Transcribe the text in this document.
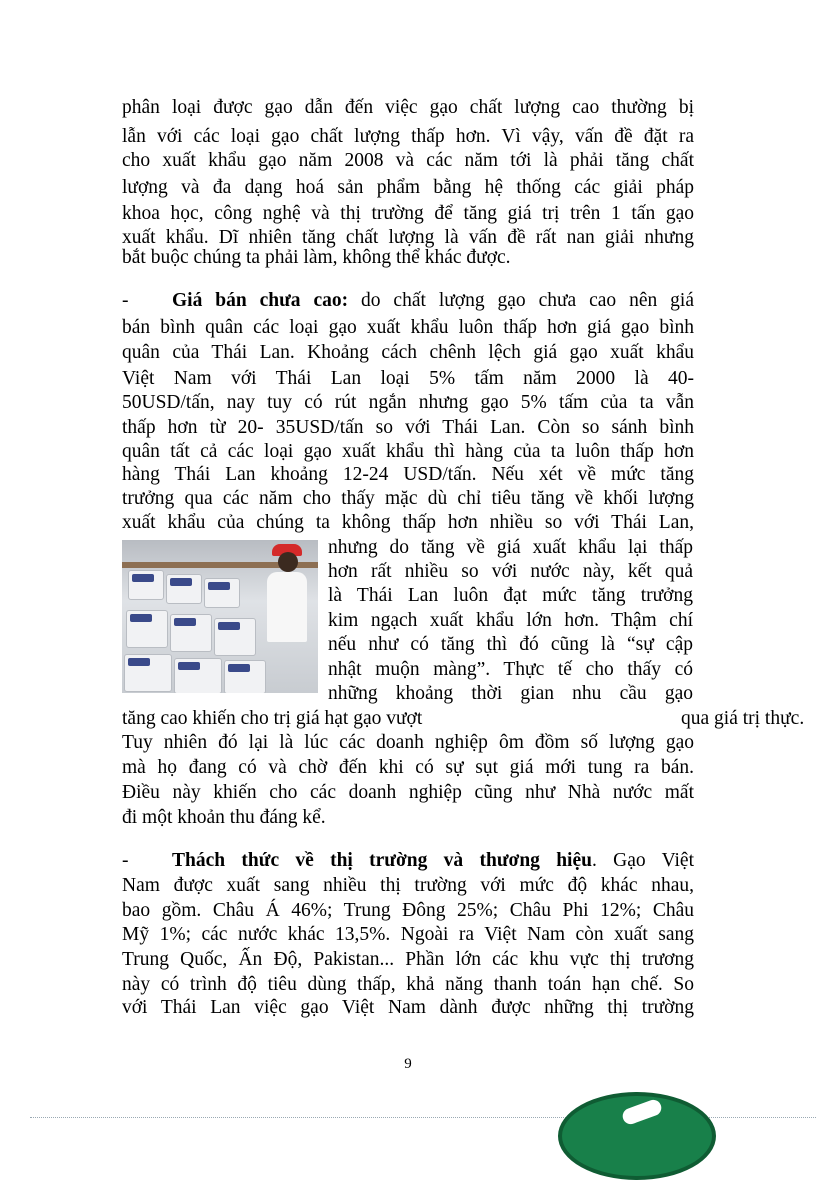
phân loại được gạo dẫn đến việc gạo chất lượng cao thường bị
lẫn với các loại gạo chất lượng thấp hơn. Vì vậy, vấn đề đặt ra
cho xuất khẩu gạo năm 2008 và các năm tới là phải tăng chất
lượng và đa dạng hoá sản phẩm bằng hệ thống các giải pháp
khoa học, công nghệ và thị trường để tăng giá trị trên 1 tấn gạo
xuất khẩu. Dĩ nhiên tăng chất lượng là vấn đề rất nan giải nhưng
bắt buộc chúng ta phải làm, không thể khác được.
- Giá bán chưa cao: do chất lượng gạo chưa cao nên giá
bán bình quân các loại gạo xuất khẩu luôn thấp hơn giá gạo bình
quân của Thái Lan. Khoảng cách chênh lệch giá gạo xuất khẩu
Việt Nam với Thái Lan loại 5% tấm năm 2000 là 40-
50USD/tấn, nay tuy có rút ngắn nhưng gạo 5% tấm của ta vẫn
thấp hơn từ 20- 35USD/tấn so với Thái Lan. Còn so sánh bình
quân tất cả các loại gạo xuất khẩu thì hàng của ta luôn thấp hơn
hàng Thái Lan khoảng 12-24 USD/tấn. Nếu xét về mức tăng
trưởng qua các năm cho thấy mặc dù chỉ tiêu tăng về khối lượng
xuất khẩu của chúng ta không thấp hơn nhiều so với Thái Lan,
nhưng do tăng về giá xuất khẩu lại thấp
hơn rất nhiều so với nước này, kết quả
là Thái Lan luôn đạt mức tăng trưởng
kim ngạch xuất khẩu lớn hơn. Thậm chí
nếu như có tăng thì đó cũng là “sự cập
nhật muộn màng”. Thực tế cho thấy có
những khoảng thời gian nhu cầu gạo
tăng cao khiến cho trị giá hạt gạo vượt	qua giá trị thực.
Tuy nhiên đó lại là lúc các doanh nghiệp ôm đồm số lượng gạo
mà họ đang có và chờ đến khi có sự sụt giá mới tung ra bán.
Điều này khiến cho các doanh nghiệp cũng như Nhà nước mất
đi một khoản thu đáng kể.
- Thách thức về thị trường và thương hiệu. Gạo Việt
Nam được xuất sang nhiều thị trường với mức độ khác nhau,
bao gồm. Châu Á 46%; Trung Đông 25%; Châu Phi 12%; Châu
Mỹ 1%; các nước khác 13,5%. Ngoài ra Việt Nam còn xuất sang
Trung Quốc, Ấn Độ, Pakistan... Phần lớn các khu vực thị trương
này có trình độ tiêu dùng thấp, khả năng thanh toán hạn chế. So
với Thái Lan việc gạo Việt Nam dành được những thị trường
9
